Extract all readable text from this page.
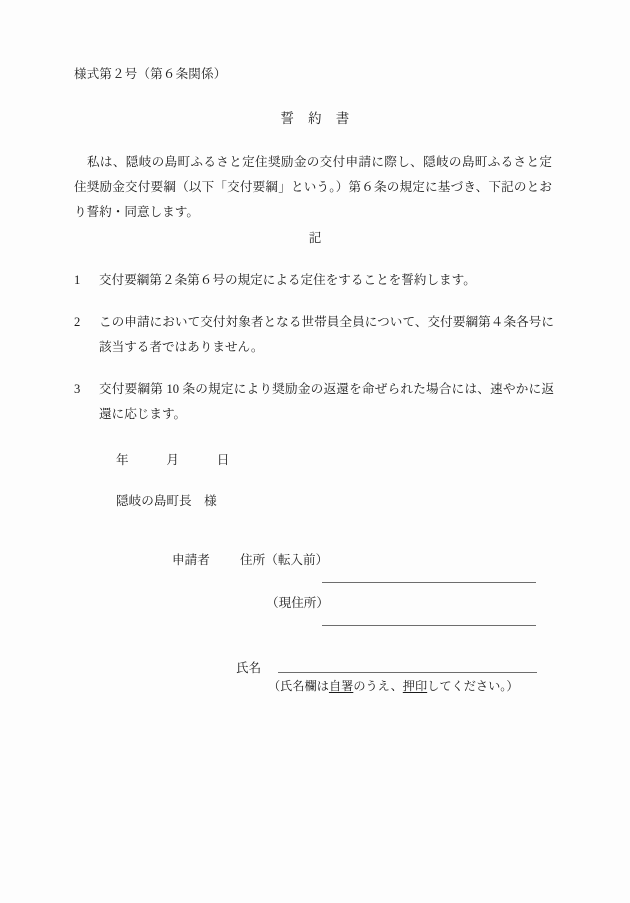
様式第２号（第６条関係）
誓　約　書
私は、隠岐の島町ふるさと定住奨励金の交付申請に際し、隠岐の島町ふるさと定住奨励金交付要綱（以下「交付要綱」という。）第６条の規定に基づき、下記のとおり誓約・同意します。
記
1 交付要綱第２条第６号の規定による定住をすることを誓約します。
2 この申請において交付対象者となる世帯員全員について、交付要綱第４条各号に該当する者ではありません。
3 交付要綱第 10 条の規定により奨励金の返還を命ぜられた場合には、速やかに返還に応じます。
年　　　月　　　日
隠岐の島町長　様
申請者 住所（転入前）
（現住所）
氏名
（氏名欄は自署のうえ、押印してください。）
